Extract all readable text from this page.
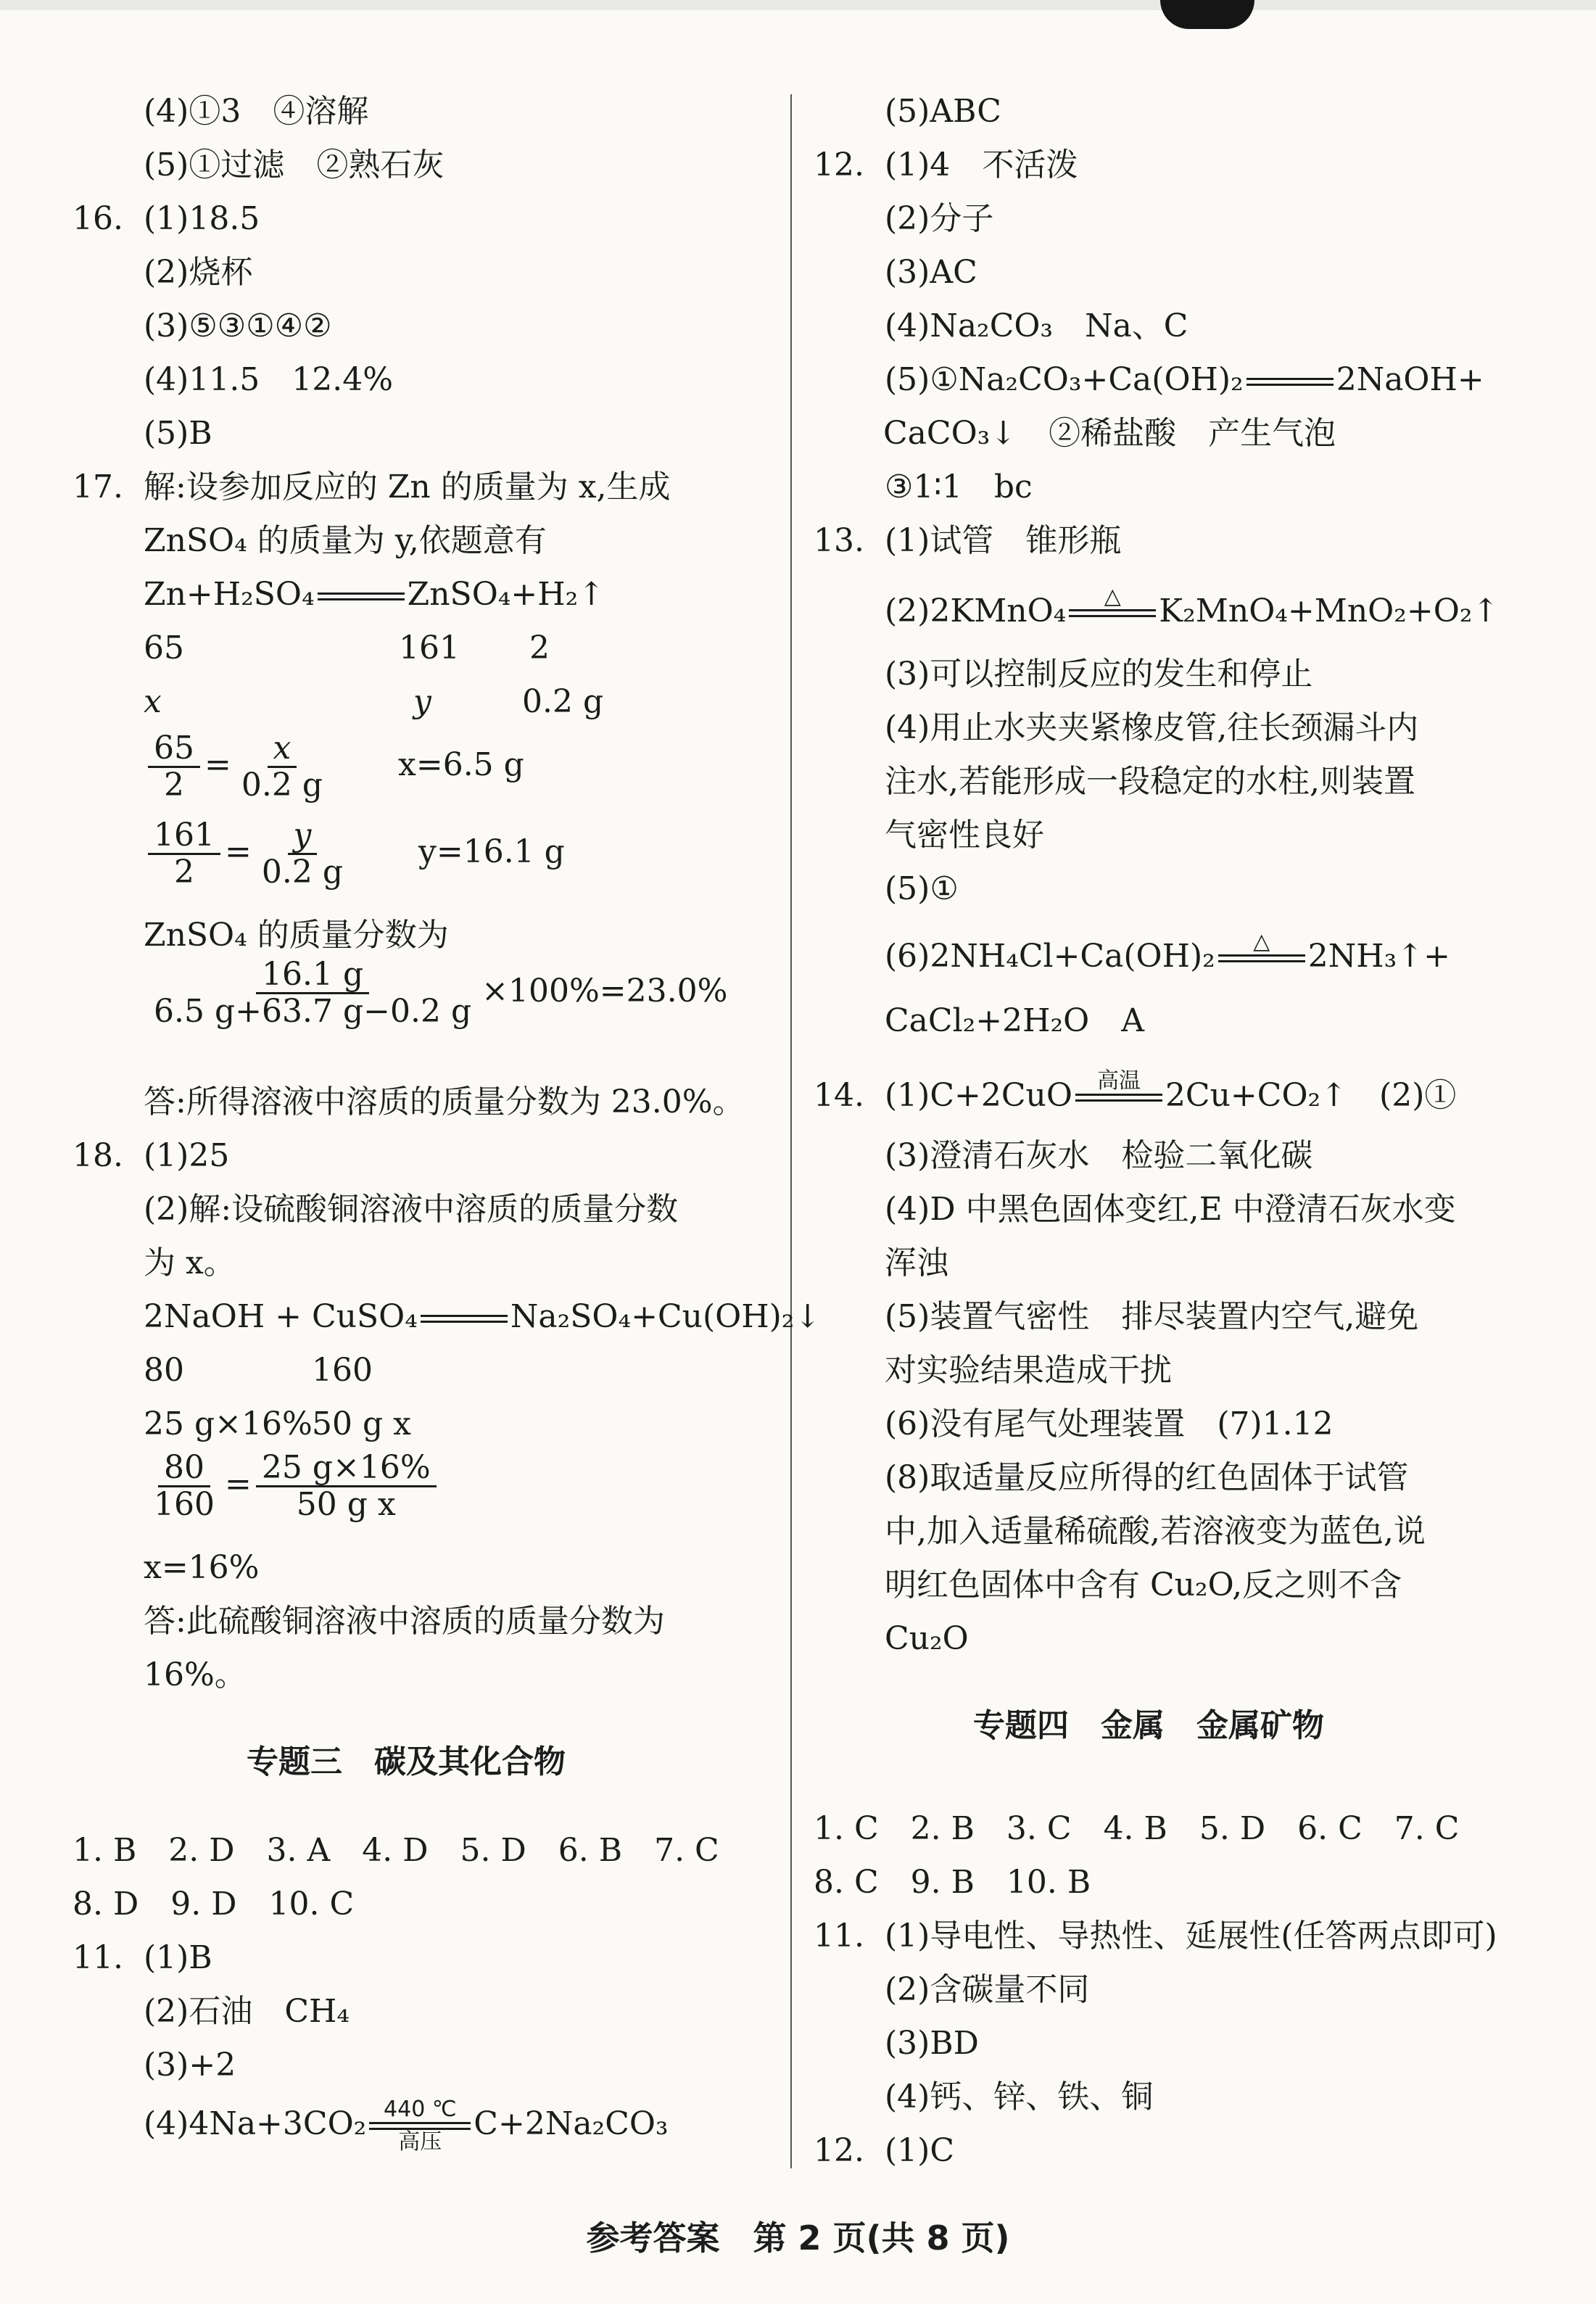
(4)①3　④溶解
(5)①过滤　②熟石灰
16. (1)18.5
(2)烧杯
(3)⑤③①④②
(4)11.5　12.4%
(5)B
17. 解:设参加反应的 Zn 的质量为 x,生成
ZnSO₄ 的质量为 y,依题意有
Zn+H₂SO₄	ZnSO₄+H₂↑
65	161 2
x	y	0.2 g
$\frac{65}{2} = \frac{x}{0.2 g} x=6.5$ g
$\frac{161}{2} = \frac{y}{0.2 g} y=16.1$ g
ZnSO₄ 的质量分数为
$\frac{16.1 g}{6.5 g+63.7 g-0.2 g} \times 100\%=23.0\%$
答:所得溶液中溶质的质量分数为 23.0%。
18. (1)25
(2)解:设硫酸铜溶液中溶质的质量分数
为 x。
2NaOH + CuSO₄	Na₂SO₄+Cu(OH)₂↓
80	160
25 g×16% 50 g x
$\frac{80}{160} = \frac{25 g\times 16\%}{\text{50 g x}}$
x=16%
答:此硫酸铜溶液中溶质的质量分数为
16%。
专题三　碳及其化合物
1. B　2. D　3. A　4. D　5. D　6. B　7. C
8. D　9. D　10. C
11. (1)B
(2)石油　CH₄
(3)+2
(4)4Na+3CO₂ 440 ℃
高压 C+2Na₂CO₃
(5)ABC
12. (1)4　不活泼
(2)分子
(3)AC
(4)Na₂CO₃　Na、C
(5)①Na₂CO₃+Ca(OH)₂	2NaOH+
CaCO₃↓　②稀盐酸　产生气泡
③1∶1　bc
13. (1)试管　锥形瓶
(2)2KMnO₄ △ K₂MnO₄+MnO₂+O₂↑
(3)可以控制反应的发生和停止
(4)用止水夹夹紧橡皮管,往长颈漏斗内
注水,若能形成一段稳定的水柱,则装置
气密性良好
(5)①
(6)2NH₄Cl+Ca(OH)₂ △ 2NH₃↑+
CaCl₂+2H₂O　A
14. (1)C+2CuO 高温 2Cu+CO₂↑　(2)①
(3)澄清石灰水　检验二氧化碳
(4)D 中黑色固体变红,E 中澄清石灰水变
浑浊
(5)装置气密性　排尽装置内空气,避免
对实验结果造成干扰
(6)没有尾气处理装置　(7)1.12
(8)取适量反应所得的红色固体于试管
中,加入适量稀硫酸,若溶液变为蓝色,说
明红色固体中含有 Cu₂O,反之则不含
Cu₂O
专题四　金属　金属矿物
1. C　2. B　3. C　4. B　5. D　6. C　7. C
8. C　9. B　10. B
11. (1)导电性、导热性、延展性(任答两点即可)
(2)含碳量不同
(3)BD
(4)钙、锌、铁、铜
12. (1)C
参考答案　第 2 页(共 8 页)
